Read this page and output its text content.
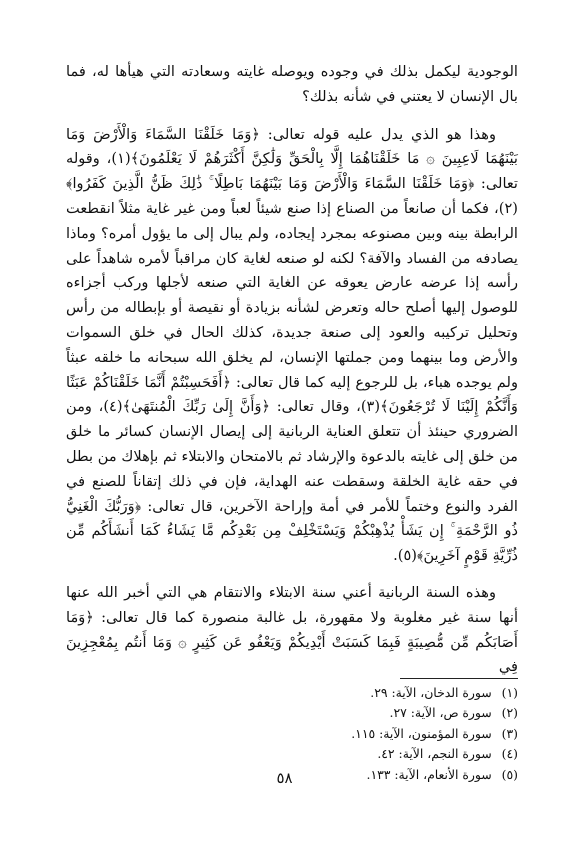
الوجودية ليكمل بذلك في وجوده ويوصله غايته وسعادته التي هيأها له، فما بال الإنسان لا يعتني في شأنه بذلك؟

وهذا هو الذي يدل عليه قوله تعالى: ﴿وَمَا خَلَقْنَا السَّمَاءَ وَالْأَرْضَ وَمَا بَيْنَهُمَا لَاعِبِينَ ۞ مَا خَلَقْنَاهُمَا إِلَّا بِالْحَقِّ وَلَٰكِنَّ أَكْثَرَهُمْ لَا يَعْلَمُونَ﴾(١)، وقوله تعالى: ﴿وَمَا خَلَقْنَا السَّمَاءَ وَالْأَرْضَ وَمَا بَيْنَهُمَا بَاطِلًا ۚ ذَٰلِكَ ظَنُّ الَّذِينَ كَفَرُوا﴾(٢)، فكما أن صانعاً من الصناع إذا صنع شيئاً لعباً ومن غير غاية مثلاً انقطعت الرابطة بينه وبين مصنوعه بمجرد إيجاده، ولم يبال إلى ما يؤول أمره؟ وماذا يصادفه من الفساد والآفة؟ لكنه لو صنعه لغاية كان مراقباً لأمره شاهداً على رأسه إذا عرضه عارض يعوقه عن الغاية التي صنعه لأجلها وركب أجزاءه للوصول إليها أصلح حاله وتعرض لشأنه بزيادة أو نقيصة أو بإبطاله من رأس وتحليل تركيبه والعود إلى صنعة جديدة، كذلك الحال في خلق السموات والأرض وما بينهما ومن جملتها الإنسان، لم يخلق الله سبحانه ما خلقه عبثاً ولم يوجده هباء، بل للرجوع إليه كما قال تعالى: ﴿أَفَحَسِبْتُمْ أَنَّمَا خَلَقْنَاكُمْ عَبَثًا وَأَنَّكُمْ إِلَيْنَا لَا تُرْجَعُونَ﴾(٣)، وقال تعالى: ﴿وَأَنَّ إِلَىٰ رَبِّكَ الْمُنتَهَىٰ﴾(٤)، ومن الضروري حينئذ أن تتعلق العناية الربانية إلى إيصال الإنسان كسائر ما خلق من خلق إلى غايته بالدعوة والإرشاد ثم بالامتحان والابتلاء ثم بإهلاك من بطل في حقه غاية الخلقة وسقطت عنه الهداية، فإن في ذلك إتقاناً للصنع في الفرد والنوع وختماً للأمر في أمة وإراحة الآخرين، قال تعالى: ﴿وَرَبُّكَ الْغَنِيُّ ذُو الرَّحْمَةِ ۚ إِن يَشَأْ يُذْهِبْكُمْ وَيَسْتَخْلِفْ مِن بَعْدِكُم مَّا يَشَاءُ كَمَا أَنشَأَكُم مِّن ذُرِّيَّةِ قَوْمٍ آخَرِينَ﴾(٥).

وهذه السنة الربانية أعني سنة الابتلاء والانتقام هي التي أخبر الله عنها أنها سنة غير مغلوبة ولا مقهورة، بل غالبة منصورة كما قال تعالى: ﴿وَمَا أَصَابَكُم مِّن مُّصِيبَةٍ فَبِمَا كَسَبَتْ أَيْدِيكُمْ وَيَعْفُو عَن كَثِيرٍ ۞ وَمَا أَنتُم بِمُعْجِزِينَ فِي

(١)سورة الدخان، الآية: ٢٩.
(٢)سورة ص، الآية: ٢٧.
(٣)سورة المؤمنون، الآية: ١١٥.
(٤)سورة النجم، الآية: ٤٢.
(٥)سورة الأنعام، الآية: ١٣٣.
٥٨
